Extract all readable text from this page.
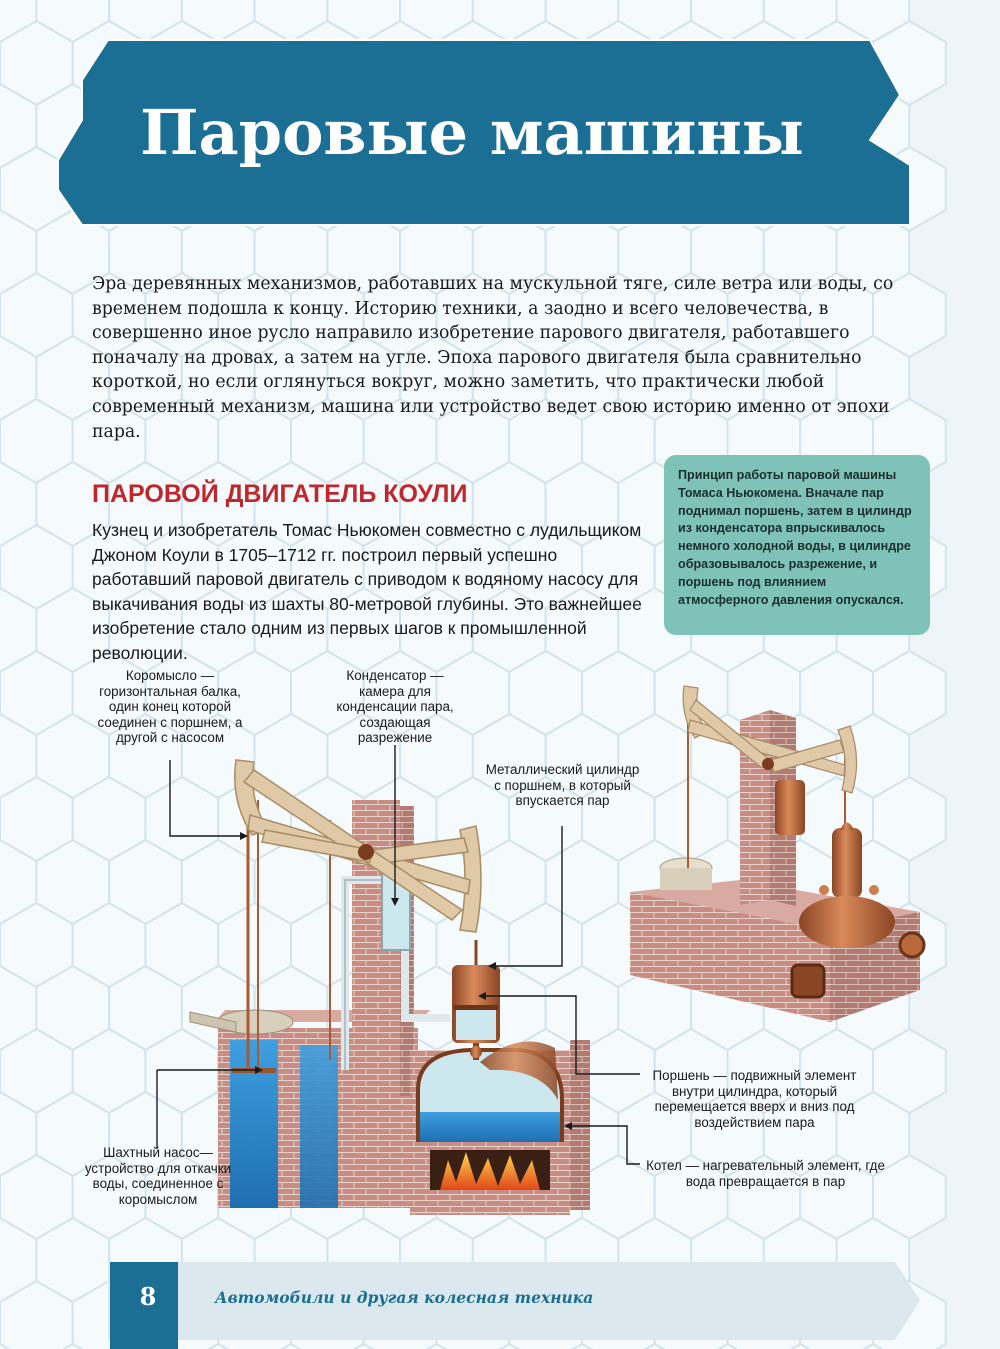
Паровые машины

Эра деревянных механизмов, работавших на мускульной тяге, силе ветра или воды, со временем подошла к концу. Историю техники, а заодно и всего человечества, в совершенно иное русло направило изобретение парового двигателя, работавшего поначалу на дровах, а затем на угле. Эпоха парового двигателя была сравнительно короткой, но если оглянуться вокруг, можно заметить, что практически любой современный механизм, машина или устройство ведет свою историю именно от эпохи пара.

ПАРОВОЙ ДВИГАТЕЛЬ КОУЛИ

Кузнец и изобретатель Томас Ньюкомен совместно с лудильщиком Джоном Коули в 1705–1712 гг. построил первый успешно работавший паровой двигатель с приводом к водяному насосу для выкачивания воды из шахты 80-метровой глубины. Это важнейшее изобретение стало одним из первых шагов к промышленной революции.

Принцип работы паровой машины Томаса Ньюкомена. Вначале пар поднимал поршень, затем в цилиндр из конденсатора впрыскивалось немного холодной воды, в цилиндре образовывалось разрежение, и поршень под влиянием атмосферного давления опускался.

Коромысло — горизонтальная балка, один конец которой соединен с поршнем, а другой с насосом

Конденсатор — камера для конденсации пара, создающая разрежение

Металлический цилиндр с поршнем, в который впускается пар

Поршень — подвижный элемент внутри цилиндра, который перемещается вверх и вниз под воздействием пара

Шахтный насос—устройство для откачки воды, соединенное с коромыслом

Котел — нагревательный элемент, где вода превращается в пар

8	Автомобили и другая колесная техника
